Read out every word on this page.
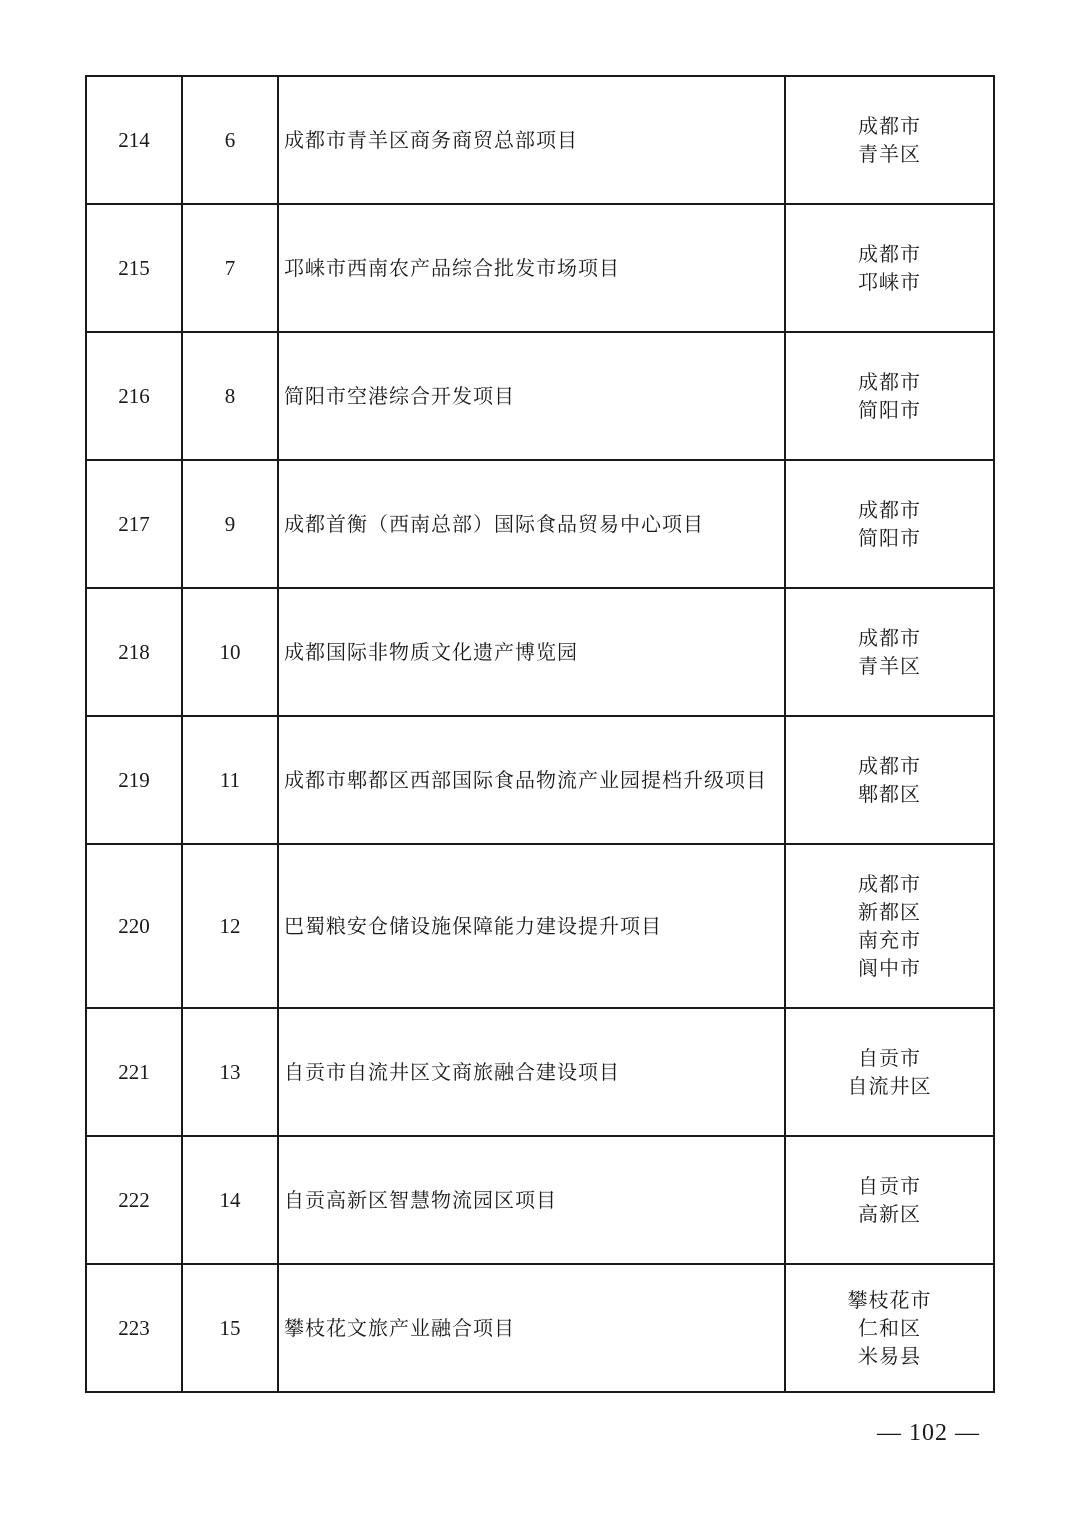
214	6	成都市青羊区商务商贸总部项目	成都市
青羊区

215	7	邛崃市西南农产品综合批发市场项目	成都市
邛崃市

216	8	简阳市空港综合开发项目	成都市
简阳市

217	9	成都首衡（西南总部）国际食品贸易中心项目	成都市
简阳市

218	10	成都国际非物质文化遗产博览园	成都市
青羊区

219	11	成都市郫都区西部国际食品物流产业园提档升级项目	成都市
郫都区

220	12	巴蜀粮安仓储设施保障能力建设提升项目	成都市
新都区
南充市
阆中市

221	13	自贡市自流井区文商旅融合建设项目	自贡市
自流井区

222	14	自贡高新区智慧物流园区项目	自贡市
高新区

223	15	攀枝花文旅产业融合项目	攀枝花市
仁和区
米易县
— 102 —
